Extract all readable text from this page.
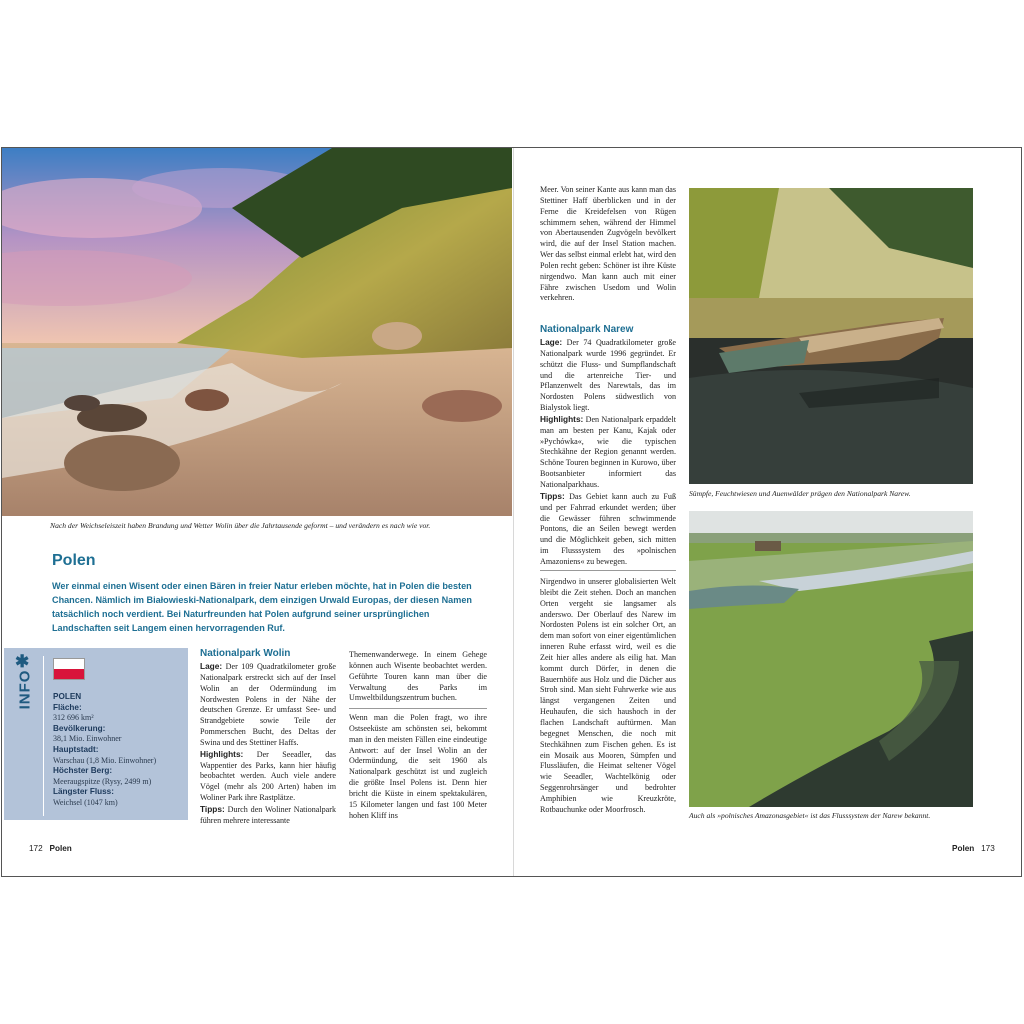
Nach der Weichseleiszeit haben Brandung und Wetter Wolin über die Jahrtausende geformt – und verändern es nach wie vor.
Polen

Wer einmal einen Wisent oder einen Bären in freier Natur erleben möchte, hat in Polen die besten Chancen. Nämlich im Białowieski-Nationalpark, dem einzigen Urwald Europas, der diesen Namen tatsächlich noch verdient. Bei Naturfreunden hat Polen aufgrund seiner ursprünglichen Landschaften seit Langem einen hervorragenden Ruf.

INFO
✱
POLEN
Fläche:
312 696 km²
Bevölkerung:
38,1 Mio. Einwohner
Hauptstadt:
Warschau (1,8 Mio. Einwohner)
Höchster Berg:
Meeraugspitze (Rysy, 2499 m)
Längster Fluss:
Weichsel (1047 km)
Nationalpark Wolin

Lage: Der 109 Quadratkilometer große Nationalpark erstreckt sich auf der Insel Wolin an der Odermündung im Nordwesten Polens in der Nähe der deutschen Grenze. Er umfasst See- und Strandgebiete sowie Teile der Pommerschen Bucht, des Deltas der Swina und des Stettiner Haffs.

Highlights: Der Seeadler, das Wappentier des Parks, kann hier häufig beobachtet werden. Auch viele andere Vögel (mehr als 200 Arten) haben im Woliner Park ihre Rastplätze.

Tipps: Durch den Woliner Nationalpark führen mehrere interessante

Themenwanderwege. In einem Gehege können auch Wisente beobachtet werden. Geführte Touren kann man über die Verwaltung des Parks im Umweltbildungszentrum buchen.

Wenn man die Polen fragt, wo ihre Ostseeküste am schönsten sei, bekommt man in den meisten Fällen eine eindeutige Antwort: auf der Insel Wolin an der Odermündung, die seit 1960 als Nationalpark geschützt ist und zugleich die größte Insel Polens ist. Denn hier bricht die Küste in einem spektakulären, 15 Kilometer langen und fast 100 Meter hohen Kliff ins

Meer. Von seiner Kante aus kann man das Stettiner Haff überblicken und in der Ferne die Kreidefelsen von Rügen schimmern sehen, während der Himmel von Abertausenden Zugvögeln bevölkert wird, die auf der Insel Station machen. Wer das selbst einmal erlebt hat, wird den Polen recht geben: Schöner ist ihre Küste nirgendwo. Man kann auch mit einer Fähre zwischen Usedom und Wolin verkehren.

Nationalpark Narew

Lage: Der 74 Quadratkilometer große Nationalpark wurde 1996 gegründet. Er schützt die Fluss- und Sumpflandschaft und die artenreiche Tier- und Pflanzenwelt des Narewtals, das im Nordosten Polens südwestlich von Bialystok liegt.

Highlights: Den Nationalpark erpaddelt man am besten per Kanu, Kajak oder »Pychówka«, wie die typischen Stechkähne der Region genannt werden. Schöne Touren beginnen in Kurowo, über Bootsanbieter informiert das Nationalparkhaus.

Tipps: Das Gebiet kann auch zu Fuß und per Fahrrad erkundet werden; über die Gewässer führen schwimmende Pontons, die an Seilen bewegt werden und die Möglichkeit geben, sich mitten im Flusssystem des »polnischen Amazoniens« zu bewegen.

Nirgendwo in unserer globalisierten Welt bleibt die Zeit stehen. Doch an manchen Orten vergeht sie langsamer als anderswo. Der Oberlauf des Narew im Nordosten Polens ist ein solcher Ort, an dem man sofort von einer eigentümlichen inneren Ruhe erfasst wird, weil es die Zeit hier alles andere als eilig hat. Man kommt durch Dörfer, in denen die Bauernhöfe aus Holz und die Dächer aus Stroh sind. Man sieht Fuhrwerke wie aus längst vergangenen Zeiten und Heuhaufen, die sich haushoch in der flachen Landschaft auftürmen. Man begegnet Menschen, die noch mit Stechkähnen zum Fischen gehen. Es ist ein Mosaik aus Mooren, Sümpfen und Flussläufen, die Heimat seltener Vögel wie Seeadler, Wachtelkönig oder Seggenrohrsänger und bedrohter Amphibien wie Kreuzkröte, Rotbauchunke oder Moorfrosch.

Sümpfe, Feuchtwiesen und Auenwälder prägen den Nationalpark Narew.
Auch als »polnisches Amazonasgebiet« ist das Flusssystem der Narew bekannt.
172 Polen	Polen 173
